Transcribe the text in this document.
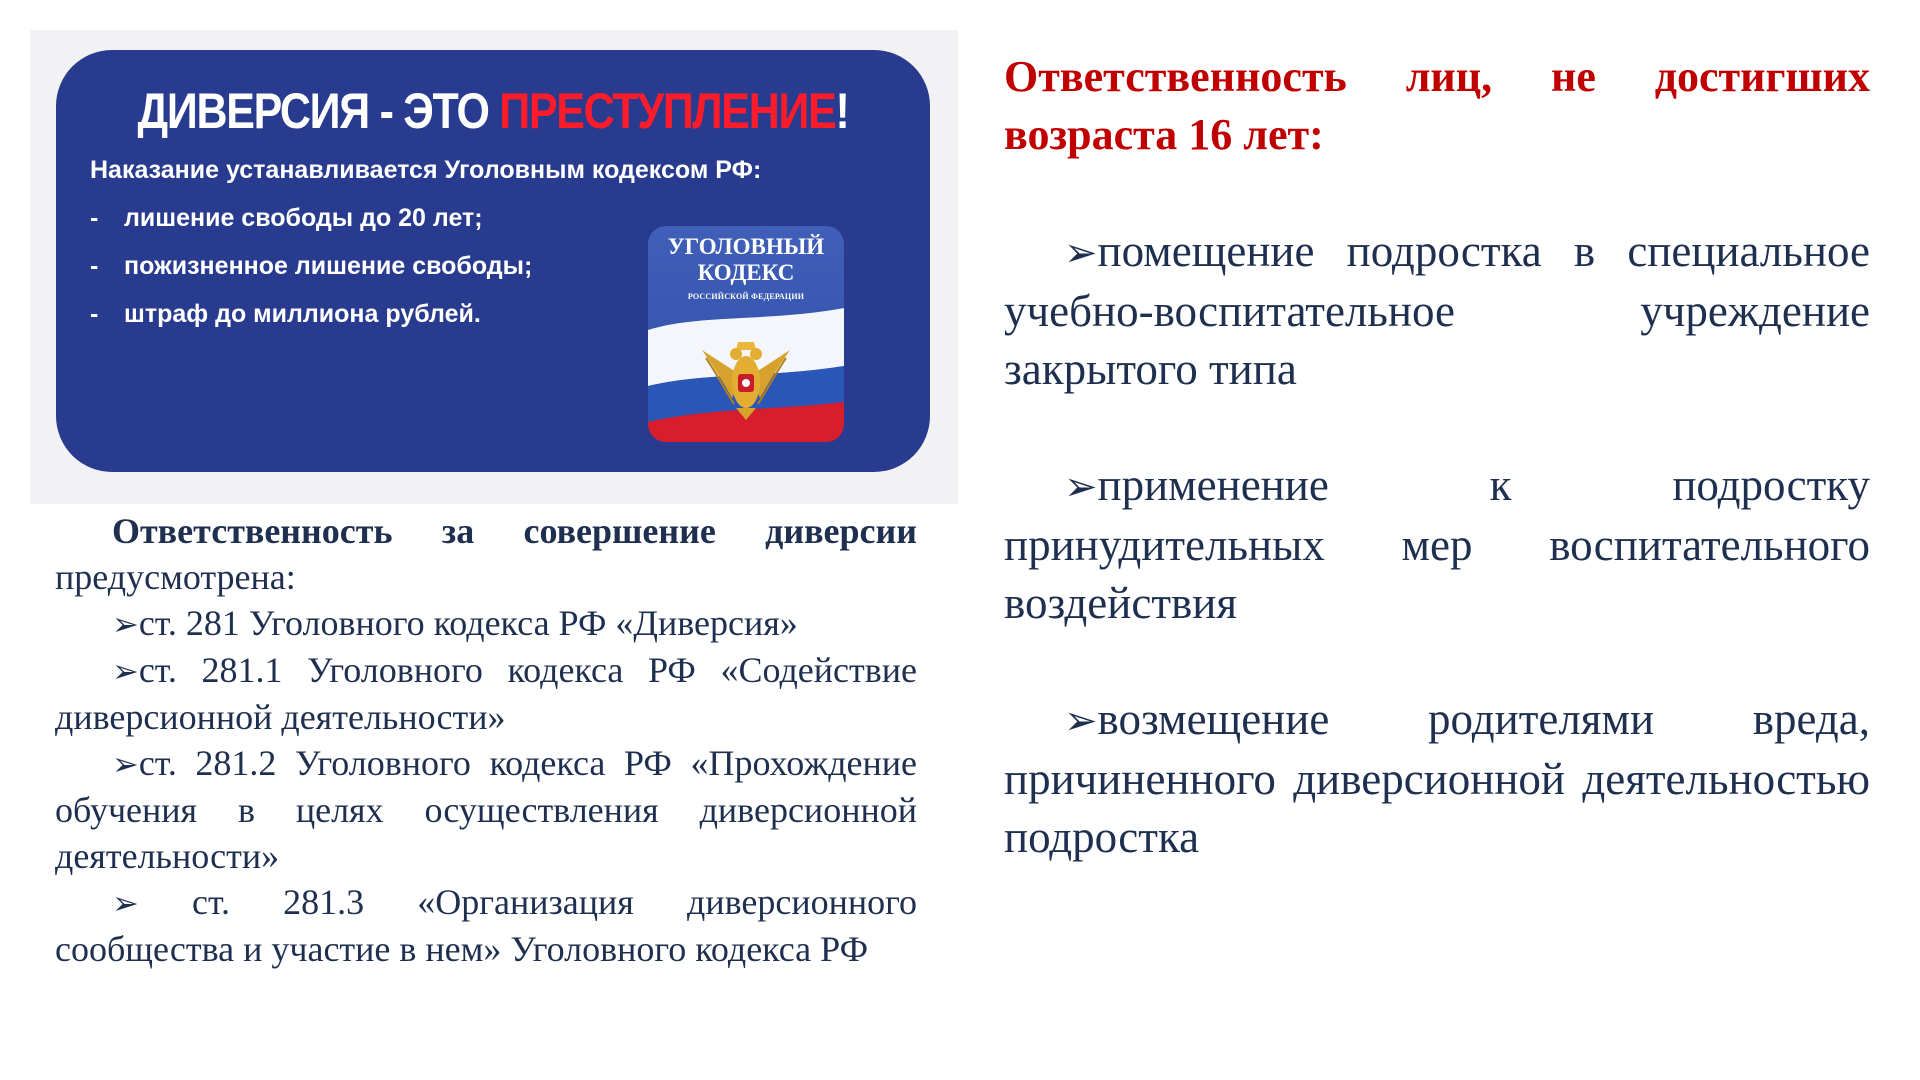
ДИВЕРСИЯ - ЭТО ПРЕСТУПЛЕНИЕ!
Наказание устанавливается Уголовным кодексом РФ:
- лишение свободы до 20 лет;
- пожизненное лишение свободы;
- штраф до миллиона рублей.
УГОЛОВНЫЙ
КОДЕКС
РОССИЙСКОЙ ФЕДЕРАЦИИ

Ответственность за совершение диверсии предусмотрена:

➢ст. 281 Уголовного кодекса РФ «Диверсия»

➢ст. 281.1 Уголовного кодекса РФ «Содействие диверсионной деятельности»

➢ст. 281.2 Уголовного кодекса РФ «Прохождение обучения в целях осуществления диверсионной деятельности»

➢ ст. 281.3 «Организация диверсионного сообщества и участие в нем» Уголовного кодекса РФ

Ответственность лиц, не достигших возраста 16 лет:

➢помещение подростка в специальное учебно-воспитательное учреждение закрытого типа

➢применение к подростку принудительных мер воспитательного воздействия

➢возмещение родителями вреда, причиненного диверсионной деятельностью подростка
